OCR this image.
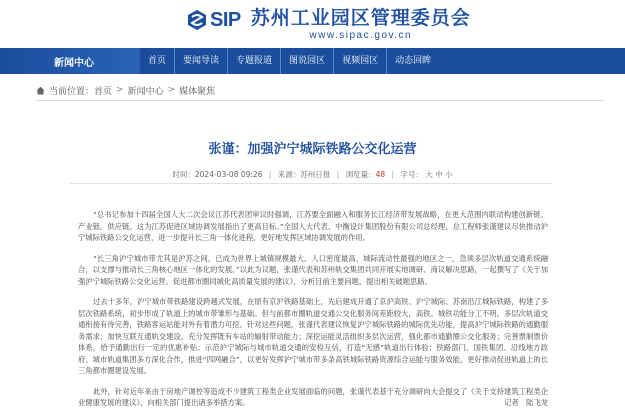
SIP 苏州工业园区管理委员会
www.sipac.gov.cn
新闻中心	首页	要闻导读	专题报道	图说园区	视频园区	动态回眸
当前位置： 首页 > 新闻中心 > 媒体聚焦
张谨：加强沪宁城际铁路公交化运营
时间：2024-03-08 09:26 | 来源：苏州日报 | 浏览量：48 | 字号： 大 中 小

“总书记参加十四届全国人大二次会议江苏代表团审议时强调，江苏要全面融入和服务长江经济带发展战略，在更大范围内联动构建创新链、产业链、供应链。这为江苏促进区域协调发展指出了更高目标。”全国人大代表、中衡设计集团股份有限公司总经理、总工程师张谨建议尽快推动沪宁城际铁路公交化运营，进一步提升长三角一体化进程，更好地发挥区域协调发展的作用。

“长三角沪宁城市带尤其是沪苏之间，已成为世界上城镇规模最大、人口密度最高、城际流动性最强的地区之一，急须多层次轨道交通系统融合，以支撑与推动长三角核心地区一体化的发展。”以此为议题，张谨代表和苏州轨交集团共同开展实地调研、商议解决思路，一起撰写了《关于加强沪宁城际铁路公交化运营、促进都市圈同城化高质量发展的建议》，分析目前主要问题，提出相关破题思路。

过去十多年，沪宁城市带铁路建设跨越式发展，在原有京沪铁路基础上，先后建成开通了京沪高铁、沪宁城际、苏南沿江城际铁路，构建了多层次铁路系统，初步形成了轨道上的城市带雏形与基础。但与前都市圈轨道交通公交化服务间差距较大，高铁、城铁功能分工不明，多层次轨道交通衔接有待完善，铁路客运站能对外有着潜力可挖。针对这些问题，张谨代表建议恢复沪宁城际铁路的城际优先功能，提高沪宁城际铁路的通勤服务需求；加快互联互通轨交建设，充分发挥既有车站的辐射带动能力；深挖运能灵活组织多层次运营，强化都市通勤圈公交化服务；完善票制票价体系，给予通勤出行一定的优惠补贴；示范沪宁城际与城市轨道交通的安检互信，打造“无感”轨道出行体验；铁路部门、国铁集团、沿线地方政府、城市轨道集团多方深化合作，推进“四网融合”，以更好发挥沪宁城市带多条高铁城际铁路资源综合运能与服务效能，更好推动促进轨道上的长三角都市圈建设发展。

此外，针对近年来由于房地产调控等造成不少建筑工程类企业发展面临的问题，张谨代表基于充分调研向大会提交了《关于支持建筑工程类企业健康发展的建议》，向相关部门提出诸多举措方案。	记者　陆飞龙
